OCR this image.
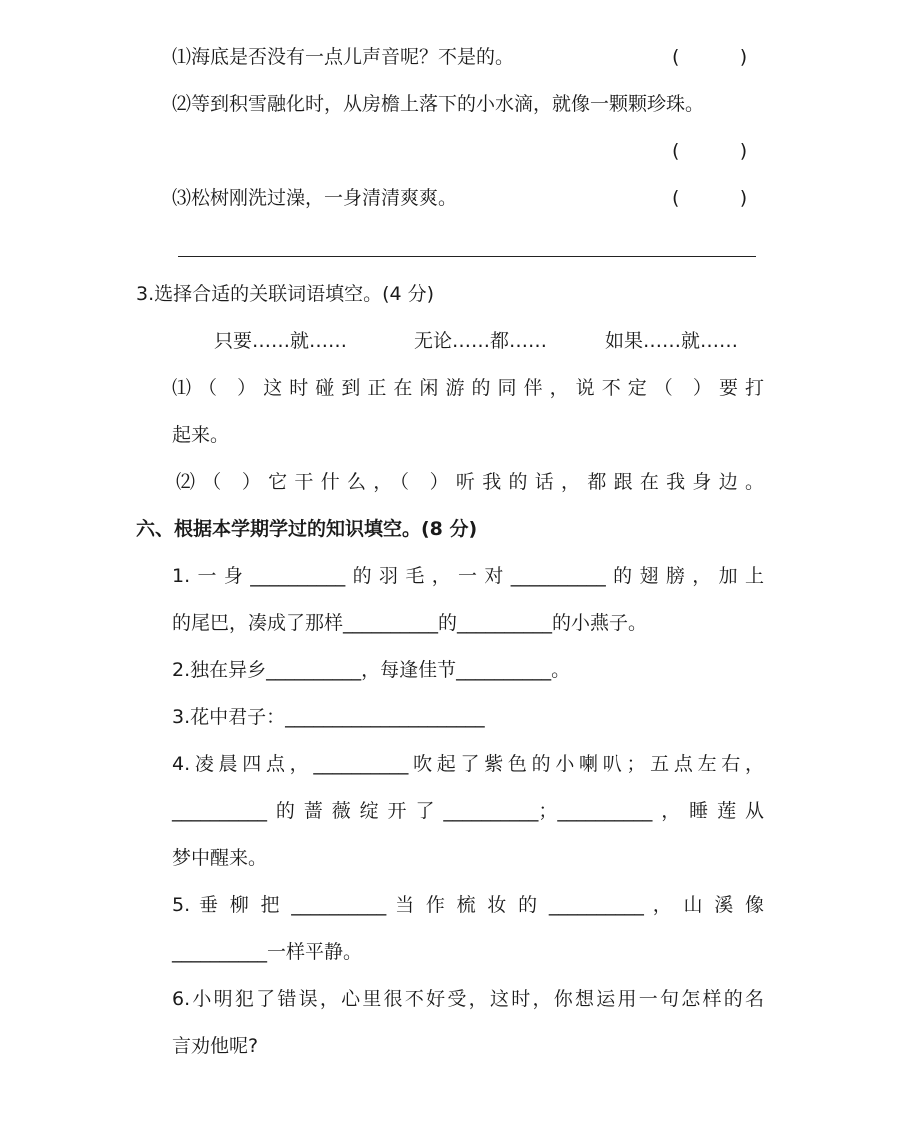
⑴海底是否没有一点儿声音呢？不是的。	(          )
⑵等到积雪融化时，从房檐上落下的小水滴，就像一颗颗珍珠。
(          )
⑶松树刚洗过澡，一身清清爽爽。	(          )
3.选择合适的关联词语填空。(4 分)
只要……就……	无论……都……	如果……就……
⑴（ ）这时碰到正在闲游的同伴，说不定（ ）要打
起来。
⑵（ ）它干什么，（ ）听我的话，都跟在我身边。
六、根据本学期学过的知识填空。(8 分)
1.一身__________的羽毛，一对__________的翅膀，加上
的尾巴，凑成了那样__________的__________的小燕子。
2.独在异乡__________，每逢佳节__________。
3.花中君子：_____________________
4.凌晨四点，__________吹起了紫色的小喇叭；五点左右，
__________的蔷薇绽开了__________；__________，睡莲从
梦中醒来。
5. 垂 柳 把 __________ 当 作 梳 妆 的 __________ ， 山 溪 像
__________一样平静。
6.小明犯了错误，心里很不好受，这时，你想运用一句怎样的名
言劝他呢?
